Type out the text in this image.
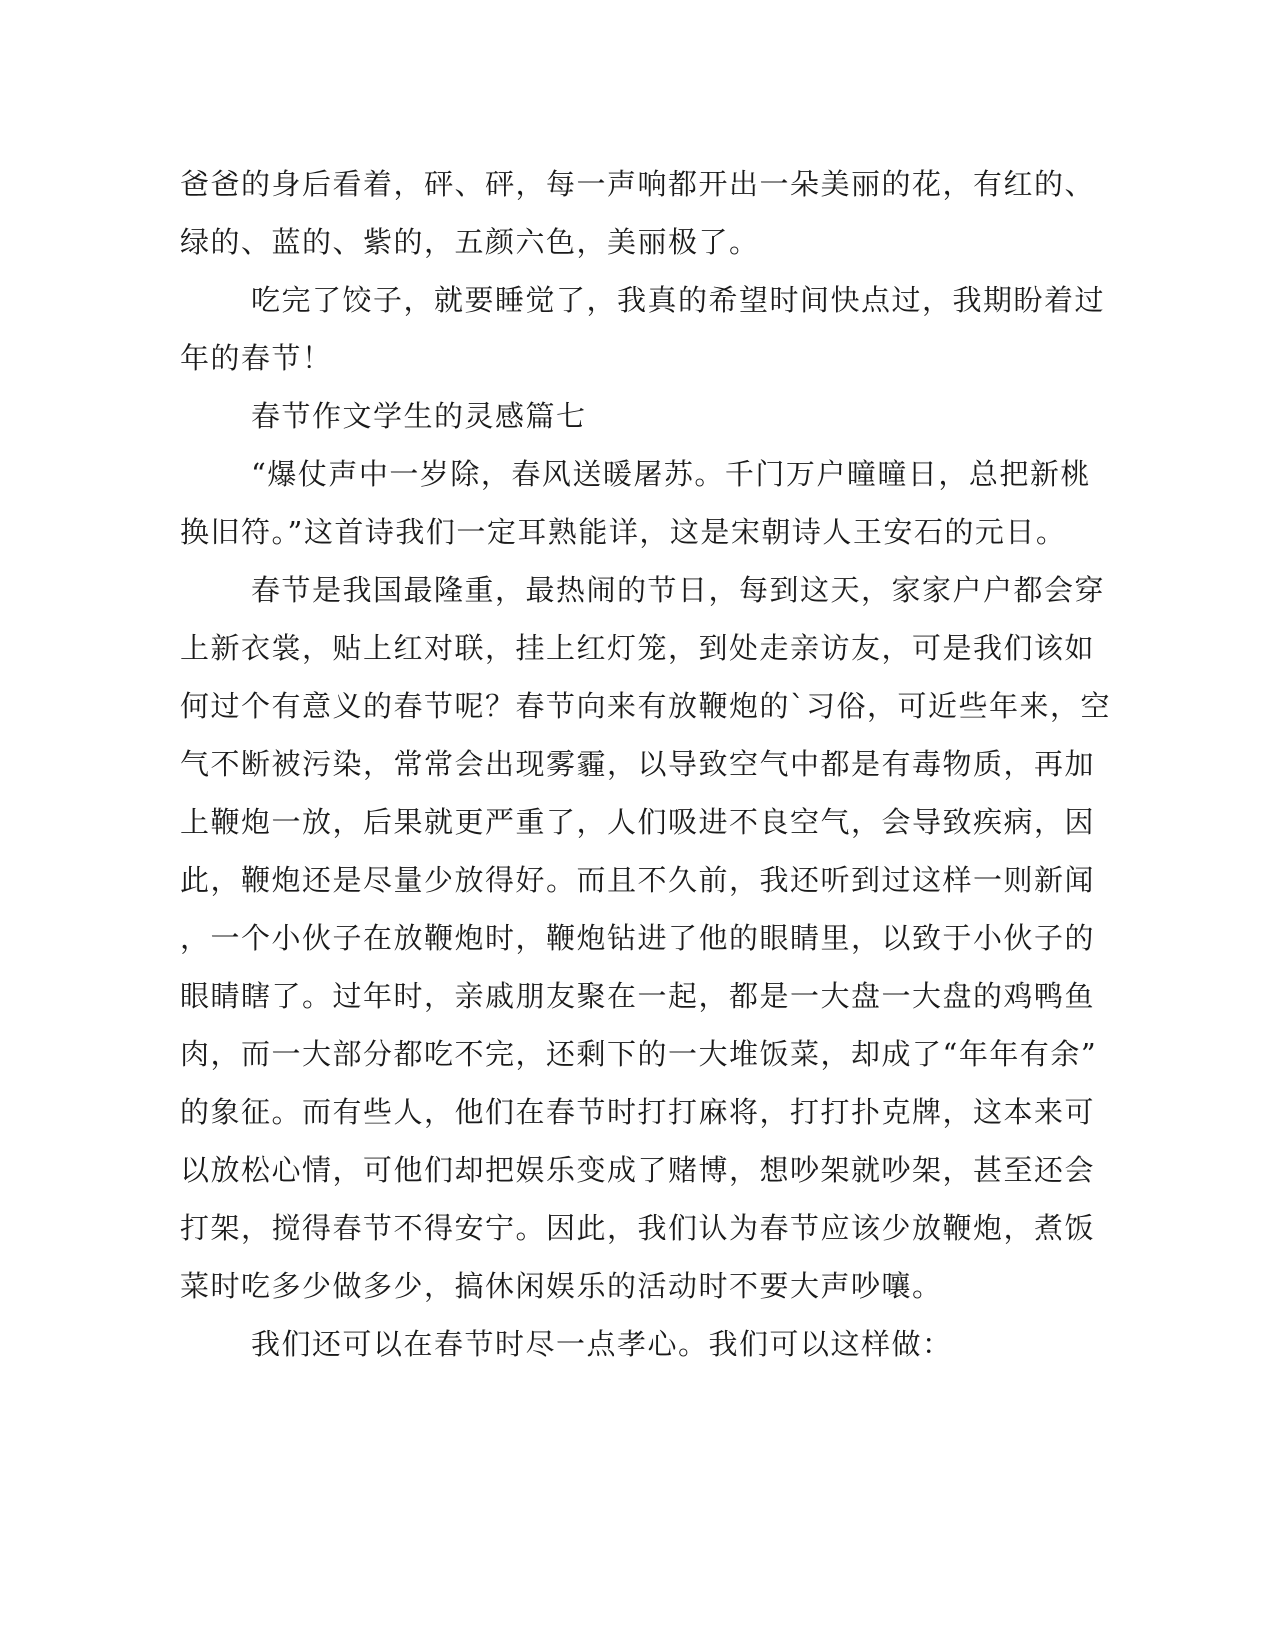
爸爸的身后看着，砰、砰，每一声响都开出一朵美丽的花，有红的、
绿的、蓝的、紫的，五颜六色，美丽极了。
吃完了饺子，就要睡觉了，我真的希望时间快点过，我期盼着过
年的春节！
春节作文学生的灵感篇七
“爆仗声中一岁除，春风送暖屠苏。千门万户曈曈日，总把新桃
换旧符。”这首诗我们一定耳熟能详，这是宋朝诗人王安石的元日。
春节是我国最隆重，最热闹的节日，每到这天，家家户户都会穿
上新衣裳，贴上红对联，挂上红灯笼，到处走亲访友，可是我们该如
何过个有意义的春节呢？春节向来有放鞭炮的`习俗，可近些年来，空
气不断被污染，常常会出现雾霾，以导致空气中都是有毒物质，再加
上鞭炮一放，后果就更严重了，人们吸进不良空气，会导致疾病，因
此，鞭炮还是尽量少放得好。而且不久前，我还听到过这样一则新闻
，一个小伙子在放鞭炮时，鞭炮钻进了他的眼睛里，以致于小伙子的
眼睛瞎了。过年时，亲戚朋友聚在一起，都是一大盘一大盘的鸡鸭鱼
肉，而一大部分都吃不完，还剩下的一大堆饭菜，却成了“年年有余”
的象征。而有些人，他们在春节时打打麻将，打打扑克牌，这本来可
以放松心情，可他们却把娱乐变成了赌博，想吵架就吵架，甚至还会
打架，搅得春节不得安宁。因此，我们认为春节应该少放鞭炮，煮饭
菜时吃多少做多少，搞休闲娱乐的活动时不要大声吵嚷。
我们还可以在春节时尽一点孝心。我们可以这样做：
